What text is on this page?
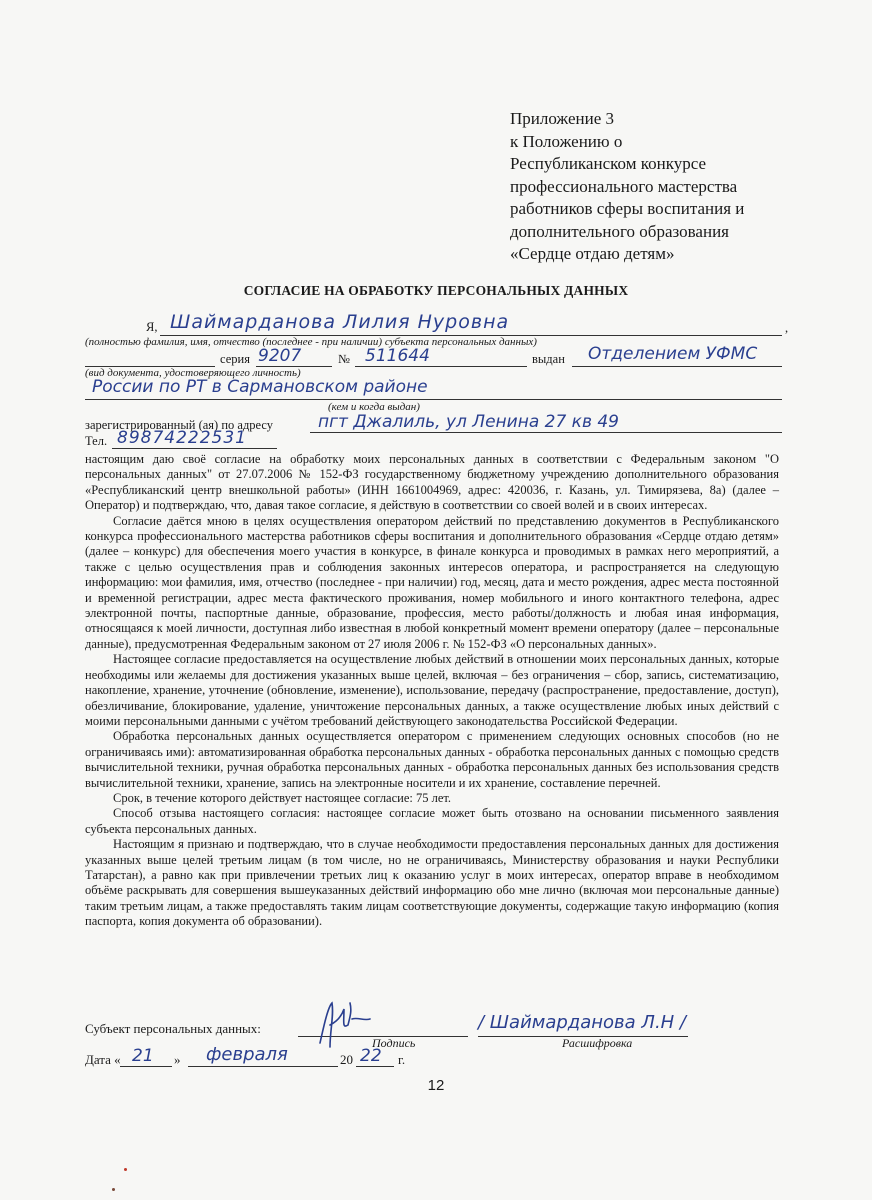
Приложение 3
к Положению о
Республиканском конкурсе
профессионального мастерства
работников сферы воспитания и
дополнительного образования
«Сердце отдаю детям»
СОГЛАСИЕ НА ОБРАБОТКУ ПЕРСОНАЛЬНЫХ ДАННЫХ
Я,	,
Шаймарданова Лилия Нуровна
(полностью фамилия, имя, отчество (последнее - при наличии) субъекта персональных данных)
серия 9207	№ 511644	выдан Отделением УФМС
(вид документа, удостоверяющего личность)
России по РТ в Сармановском районе
(кем и когда выдан)
зарегистрированный (ая) по адресу	пгт Джалиль, ул Ленина 27 кв 49
Тел. 89874222531

настоящим даю своё согласие на обработку моих персональных данных в соответствии с Федеральным законом "О персональных данных" от 27.07.2006 № 152-ФЗ государственному бюджетному учреждению дополнительного образования «Республиканский центр внешкольной работы» (ИНН 1661004969, адрес: 420036, г. Казань, ул. Тимирязева, 8а) (далее – Оператор) и подтверждаю, что, давая такое согласие, я действую в соответствии со своей волей и в своих интересах.

Согласие даётся мною в целях осуществления оператором действий по представлению документов в Республиканского конкурса профессионального мастерства работников сферы воспитания и дополнительного образования «Сердце отдаю детям» (далее – конкурс) для обеспечения моего участия в конкурсе, в финале конкурса и проводимых в рамках него мероприятий, а также с целью осуществления прав и соблюдения законных интересов оператора, и распространяется на следующую информацию: мои фамилия, имя, отчество (последнее - при наличии) год, месяц, дата и место рождения, адрес места постоянной и временной регистрации, адрес места фактического проживания, номер мобильного и иного контактного телефона, адрес электронной почты, паспортные данные, образование, профессия, место работы/должность и любая иная информация, относящаяся к моей личности, доступная либо известная в любой конкретный момент времени оператору (далее – персональные данные), предусмотренная Федеральным законом от 27 июля 2006 г. № 152-ФЗ «О персональных данных».

Настоящее согласие предоставляется на осуществление любых действий в отношении моих персональных данных, которые необходимы или желаемы для достижения указанных выше целей, включая – без ограничения – сбор, запись, систематизацию, накопление, хранение, уточнение (обновление, изменение), использование, передачу (распространение, предоставление, доступ), обезличивание, блокирование, удаление, уничтожение персональных данных, а также осуществление любых иных действий с моими персональными данными с учётом требований действующего законодательства Российской Федерации.

Обработка персональных данных осуществляется оператором с применением следующих основных способов (но не ограничиваясь ими): автоматизированная обработка персональных данных - обработка персональных данных с помощью средств вычислительной техники, ручная обработка персональных данных - обработка персональных данных без использования средств вычислительной техники, хранение, запись на электронные носители и их хранение, составление перечней.

Срок, в течение которого действует настоящее согласие: 75 лет.

Способ отзыва настоящего согласия: настоящее согласие может быть отозвано на основании письменного заявления субъекта персональных данных.

Настоящим я признаю и подтверждаю, что в случае необходимости предоставления персональных данных для достижения указанных выше целей третьим лицам (в том числе, но не ограничиваясь, Министерству образования и науки Республики Татарстан), а равно как при привлечении третьих лиц к оказанию услуг в моих интересах, оператор вправе в необходимом объёме раскрывать для совершения вышеуказанных действий информацию обо мне лично (включая мои персональные данные) таким третьим лицам, а также предоставлять таким лицам соответствующие документы, содержащие такую информацию (копия паспорта, копия документа об образовании).

Субъект персональных данных:
Подпись
/ Шаймарданова Л.Н /
Расшифровка
Дата « 21 » февраля	20 22 г.
12
